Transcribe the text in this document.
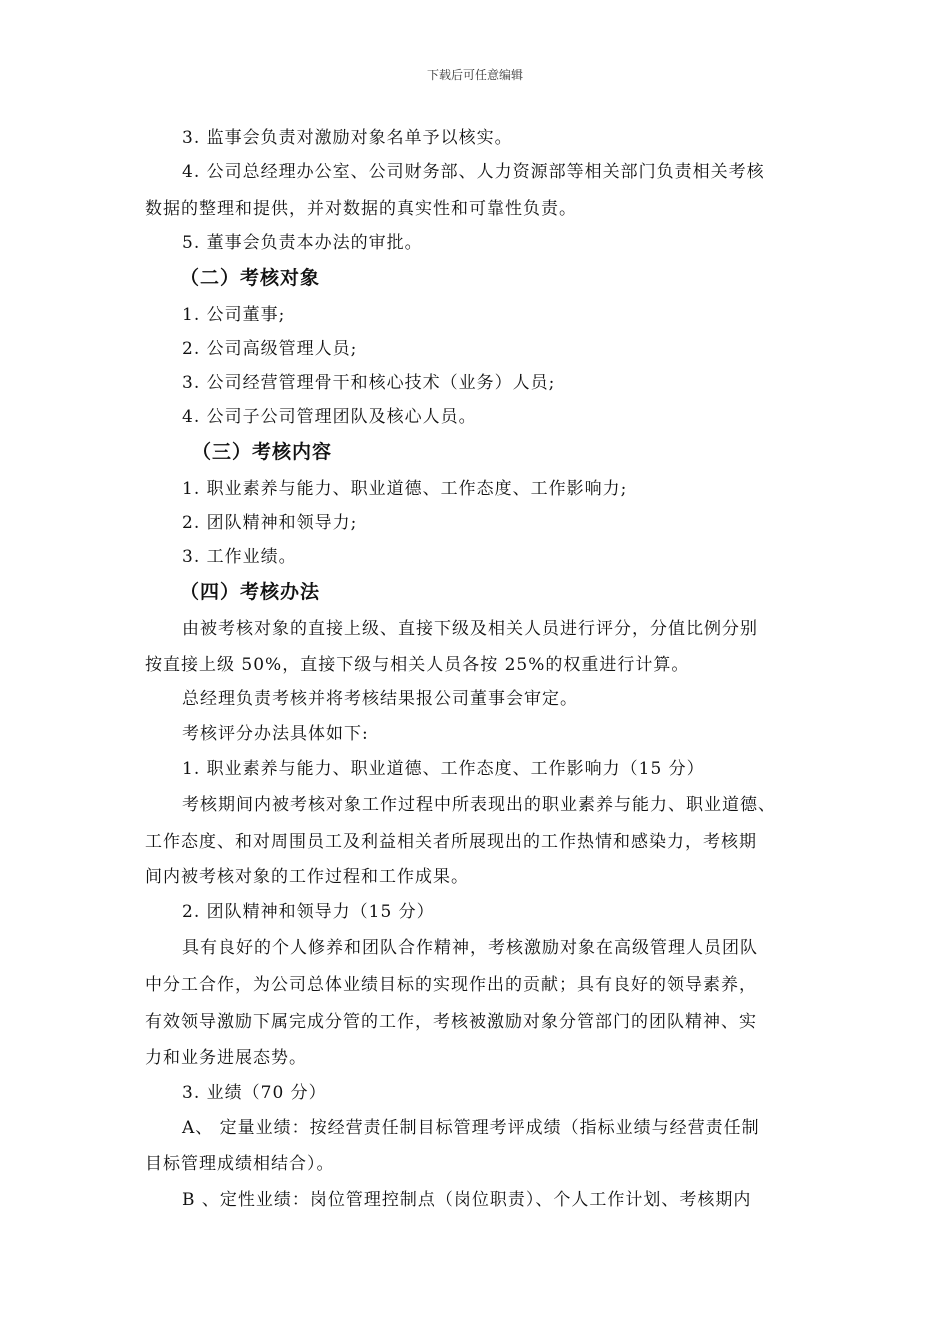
下载后可任意编辑
3. 监事会负责对激励对象名单予以核实。
4. 公司总经理办公室、公司财务部、人力资源部等相关部门负责相关考核
数据的整理和提供，并对数据的真实性和可靠性负责。
5. 董事会负责本办法的审批。
（二）考核对象
1. 公司董事;
2. 公司高级管理人员;
3. 公司经营管理骨干和核心技术（业务）人员;
4. 公司子公司管理团队及核心人员。
（三）考核内容
1. 职业素养与能力、职业道德、工作态度、工作影响力;
2. 团队精神和领导力;
3. 工作业绩。
（四）考核办法
由被考核对象的直接上级、直接下级及相关人员进行评分，分值比例分别
按直接上级 50%，直接下级与相关人员各按 25%的权重进行计算。
总经理负责考核并将考核结果报公司董事会审定。
考核评分办法具体如下:
1. 职业素养与能力、职业道德、工作态度、工作影响力（15 分）
考核期间内被考核对象工作过程中所表现出的职业素养与能力、职业道德、
工作态度、和对周围员工及利益相关者所展现出的工作热情和感染力，考核期
间内被考核对象的工作过程和工作成果。
2. 团队精神和领导力（15 分）
具有良好的个人修养和团队合作精神，考核激励对象在高级管理人员团队
中分工合作，为公司总体业绩目标的实现作出的贡献；具有良好的领导素养，
有效领导激励下属完成分管的工作，考核被激励对象分管部门的团队精神、实
力和业务进展态势。
3. 业绩（70 分）
A、 定量业绩：按经营责任制目标管理考评成绩（指标业绩与经营责任制
目标管理成绩相结合）。
B 、定性业绩：岗位管理控制点（岗位职责）、个人工作计划、考核期内
